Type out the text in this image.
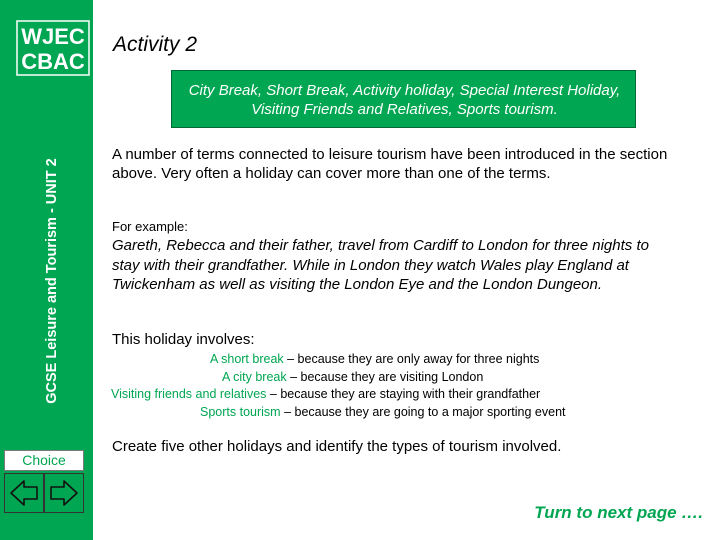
WJEC
CBAC
GCSE Leisure and Tourism - UNIT 2
Choice
Activity 2
City Break, Short Break, Activity holiday, Special Interest Holiday, Visiting Friends and Relatives, Sports tourism.
A number of terms connected to leisure tourism have been introduced in the section above. Very often a holiday can cover more than one of the terms.
For example:
Gareth, Rebecca and their father, travel from Cardiff to London for three nights to stay with their grandfather. While in London they watch Wales play England at Twickenham as well as visiting the London Eye and the London Dungeon.
This holiday involves:
A short break – because they are only away for three nights
A city break – because they are visiting London
Visiting friends and relatives – because they are staying with their grandfather
Sports tourism – because they are going to a major sporting event
Create five other holidays and identify the types of tourism involved.
Turn to next page ….
